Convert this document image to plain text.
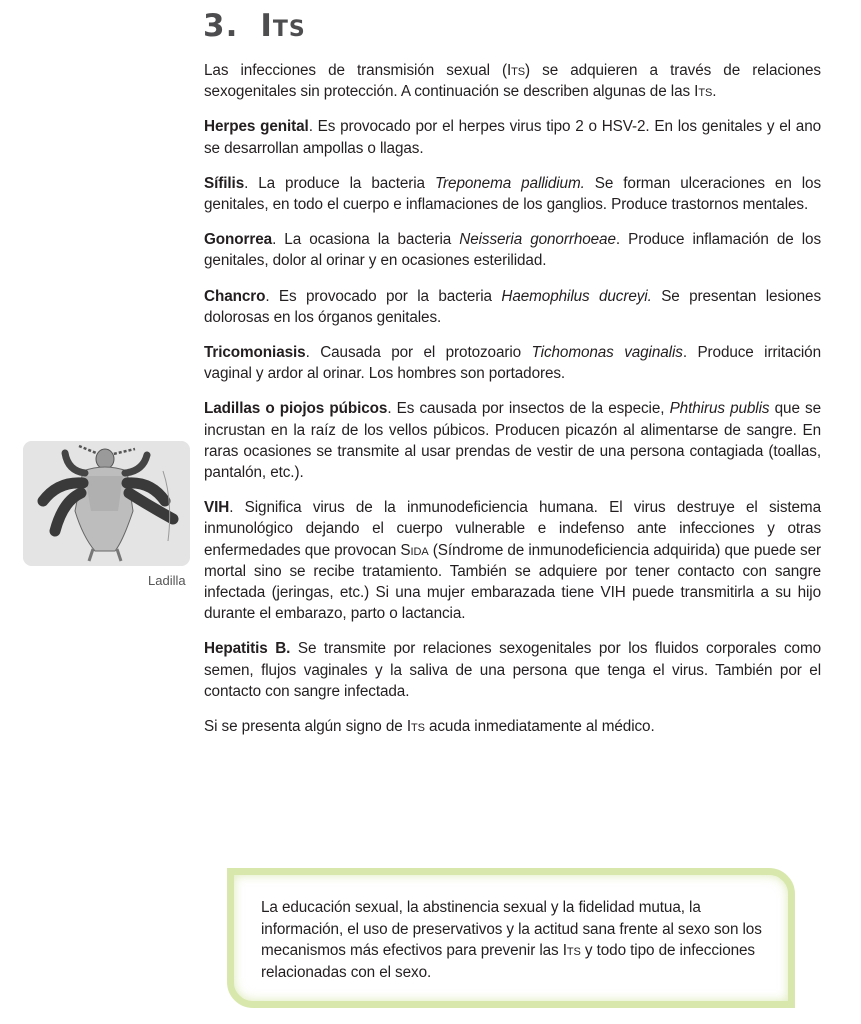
3. Its
Ladilla

Las infecciones de transmisión sexual (Its) se adquieren a través de relaciones sexogenitales sin protección. A continuación se describen algunas de las Its.

Herpes genital. Es provocado por el herpes virus tipo 2 o HSV-2. En los genitales y el ano se desarrollan ampollas o llagas.

Sífilis. La produce la bacteria Treponema pallidium. Se forman ulceraciones en los genitales, en todo el cuerpo e inflamaciones de los ganglios. Produce trastornos mentales.

Gonorrea. La ocasiona la bacteria Neisseria gonorrhoeae. Produce inflamación de los genitales, dolor al orinar y en ocasiones esterilidad.

Chancro. Es provocado por la bacteria Haemophilus ducreyi. Se presentan lesiones dolorosas en los órganos genitales.

Tricomoniasis. Causada por el protozoario Tichomonas vaginalis. Produce irritación vaginal y ardor al orinar. Los hombres son portadores.

Ladillas o piojos púbicos. Es causada por insectos de la especie, Phthirus publis que se incrustan en la raíz de los vellos púbicos. Producen picazón al alimentarse de sangre. En raras ocasiones se transmite al usar prendas de vestir de una persona contagiada (toallas, pantalón, etc.).

VIH. Significa virus de la inmunodeficiencia humana. El virus destruye el sistema inmunológico dejando el cuerpo vulnerable e indefenso ante infecciones y otras enfermedades que provocan Sida (Síndrome de inmunodeficiencia adquirida) que puede ser mortal sino se recibe tratamiento. También se adquiere por tener contacto con sangre infectada (jeringas, etc.) Si una mujer embarazada tiene VIH puede transmitirla a su hijo durante el embarazo, parto o lactancia.

Hepatitis B. Se transmite por relaciones sexogenitales por los fluidos corporales como semen, flujos vaginales y la saliva de una persona que tenga el virus. También por el contacto con sangre infectada.

Si se presenta algún signo de Its acuda inmediatamente al médico.

La educación sexual, la abstinencia sexual y la fidelidad mutua, la información, el uso de preservativos y la actitud sana frente al sexo son los mecanismos más efectivos para prevenir las Its y todo tipo de infecciones relacionadas con el sexo.
